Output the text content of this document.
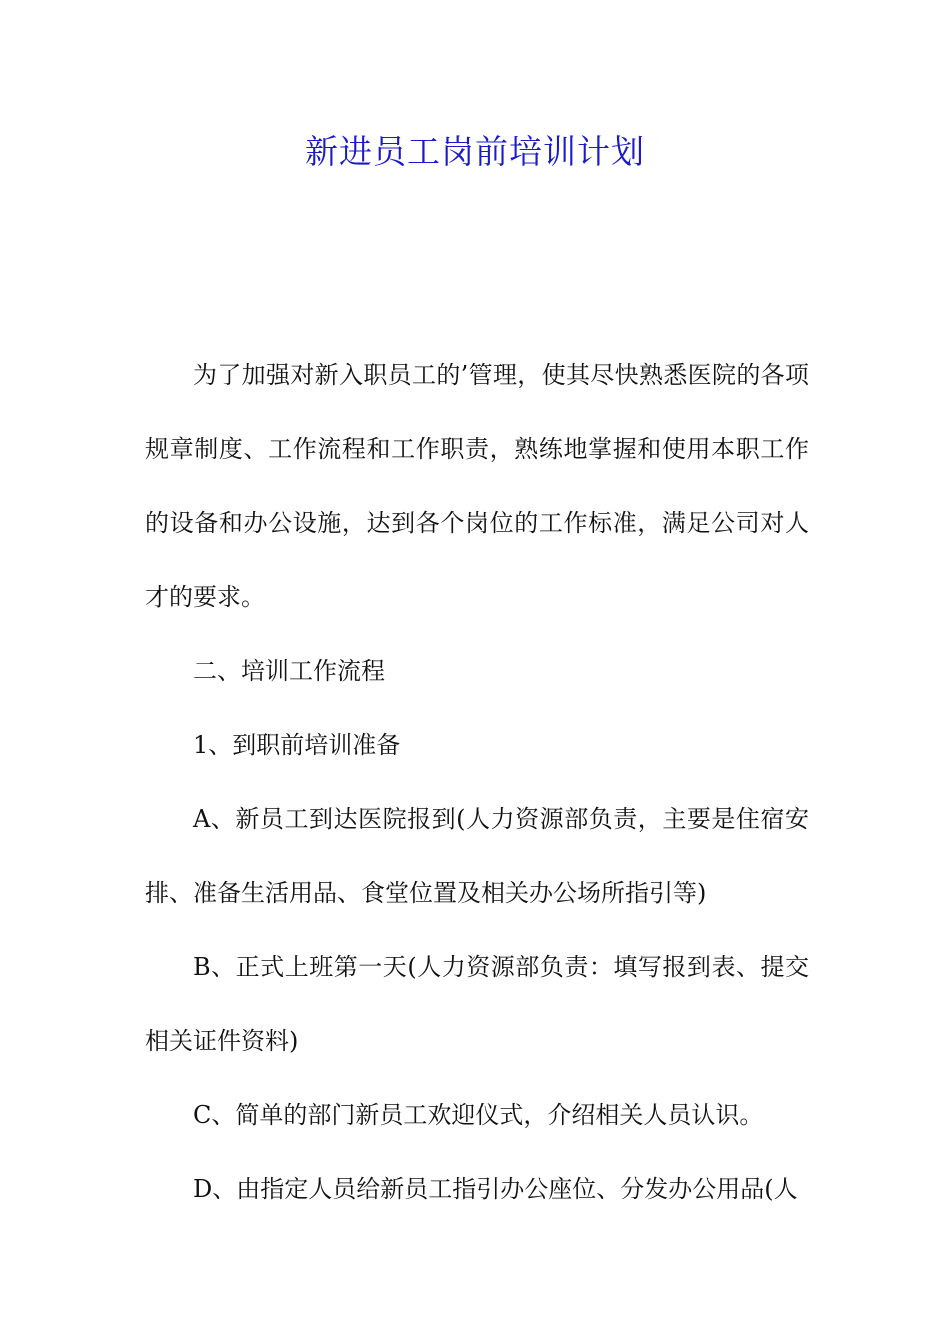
新进员工岗前培训计划

为了加强对新入职员工的’管理，使其尽快熟悉医院的各项规章制度、工作流程和工作职责，熟练地掌握和使用本职工作的设备和办公设施，达到各个岗位的工作标准，满足公司对人才的要求。

二、培训工作流程

1、到职前培训准备

A、新员工到达医院报到(人力资源部负责，主要是住宿安排、准备生活用品、食堂位置及相关办公场所指引等)

B、正式上班第一天(人力资源部负责：填写报到表、提交相关证件资料)

C、简单的部门新员工欢迎仪式，介绍相关人员认识。

D、由指定人员给新员工指引办公座位、分发办公用品(人
